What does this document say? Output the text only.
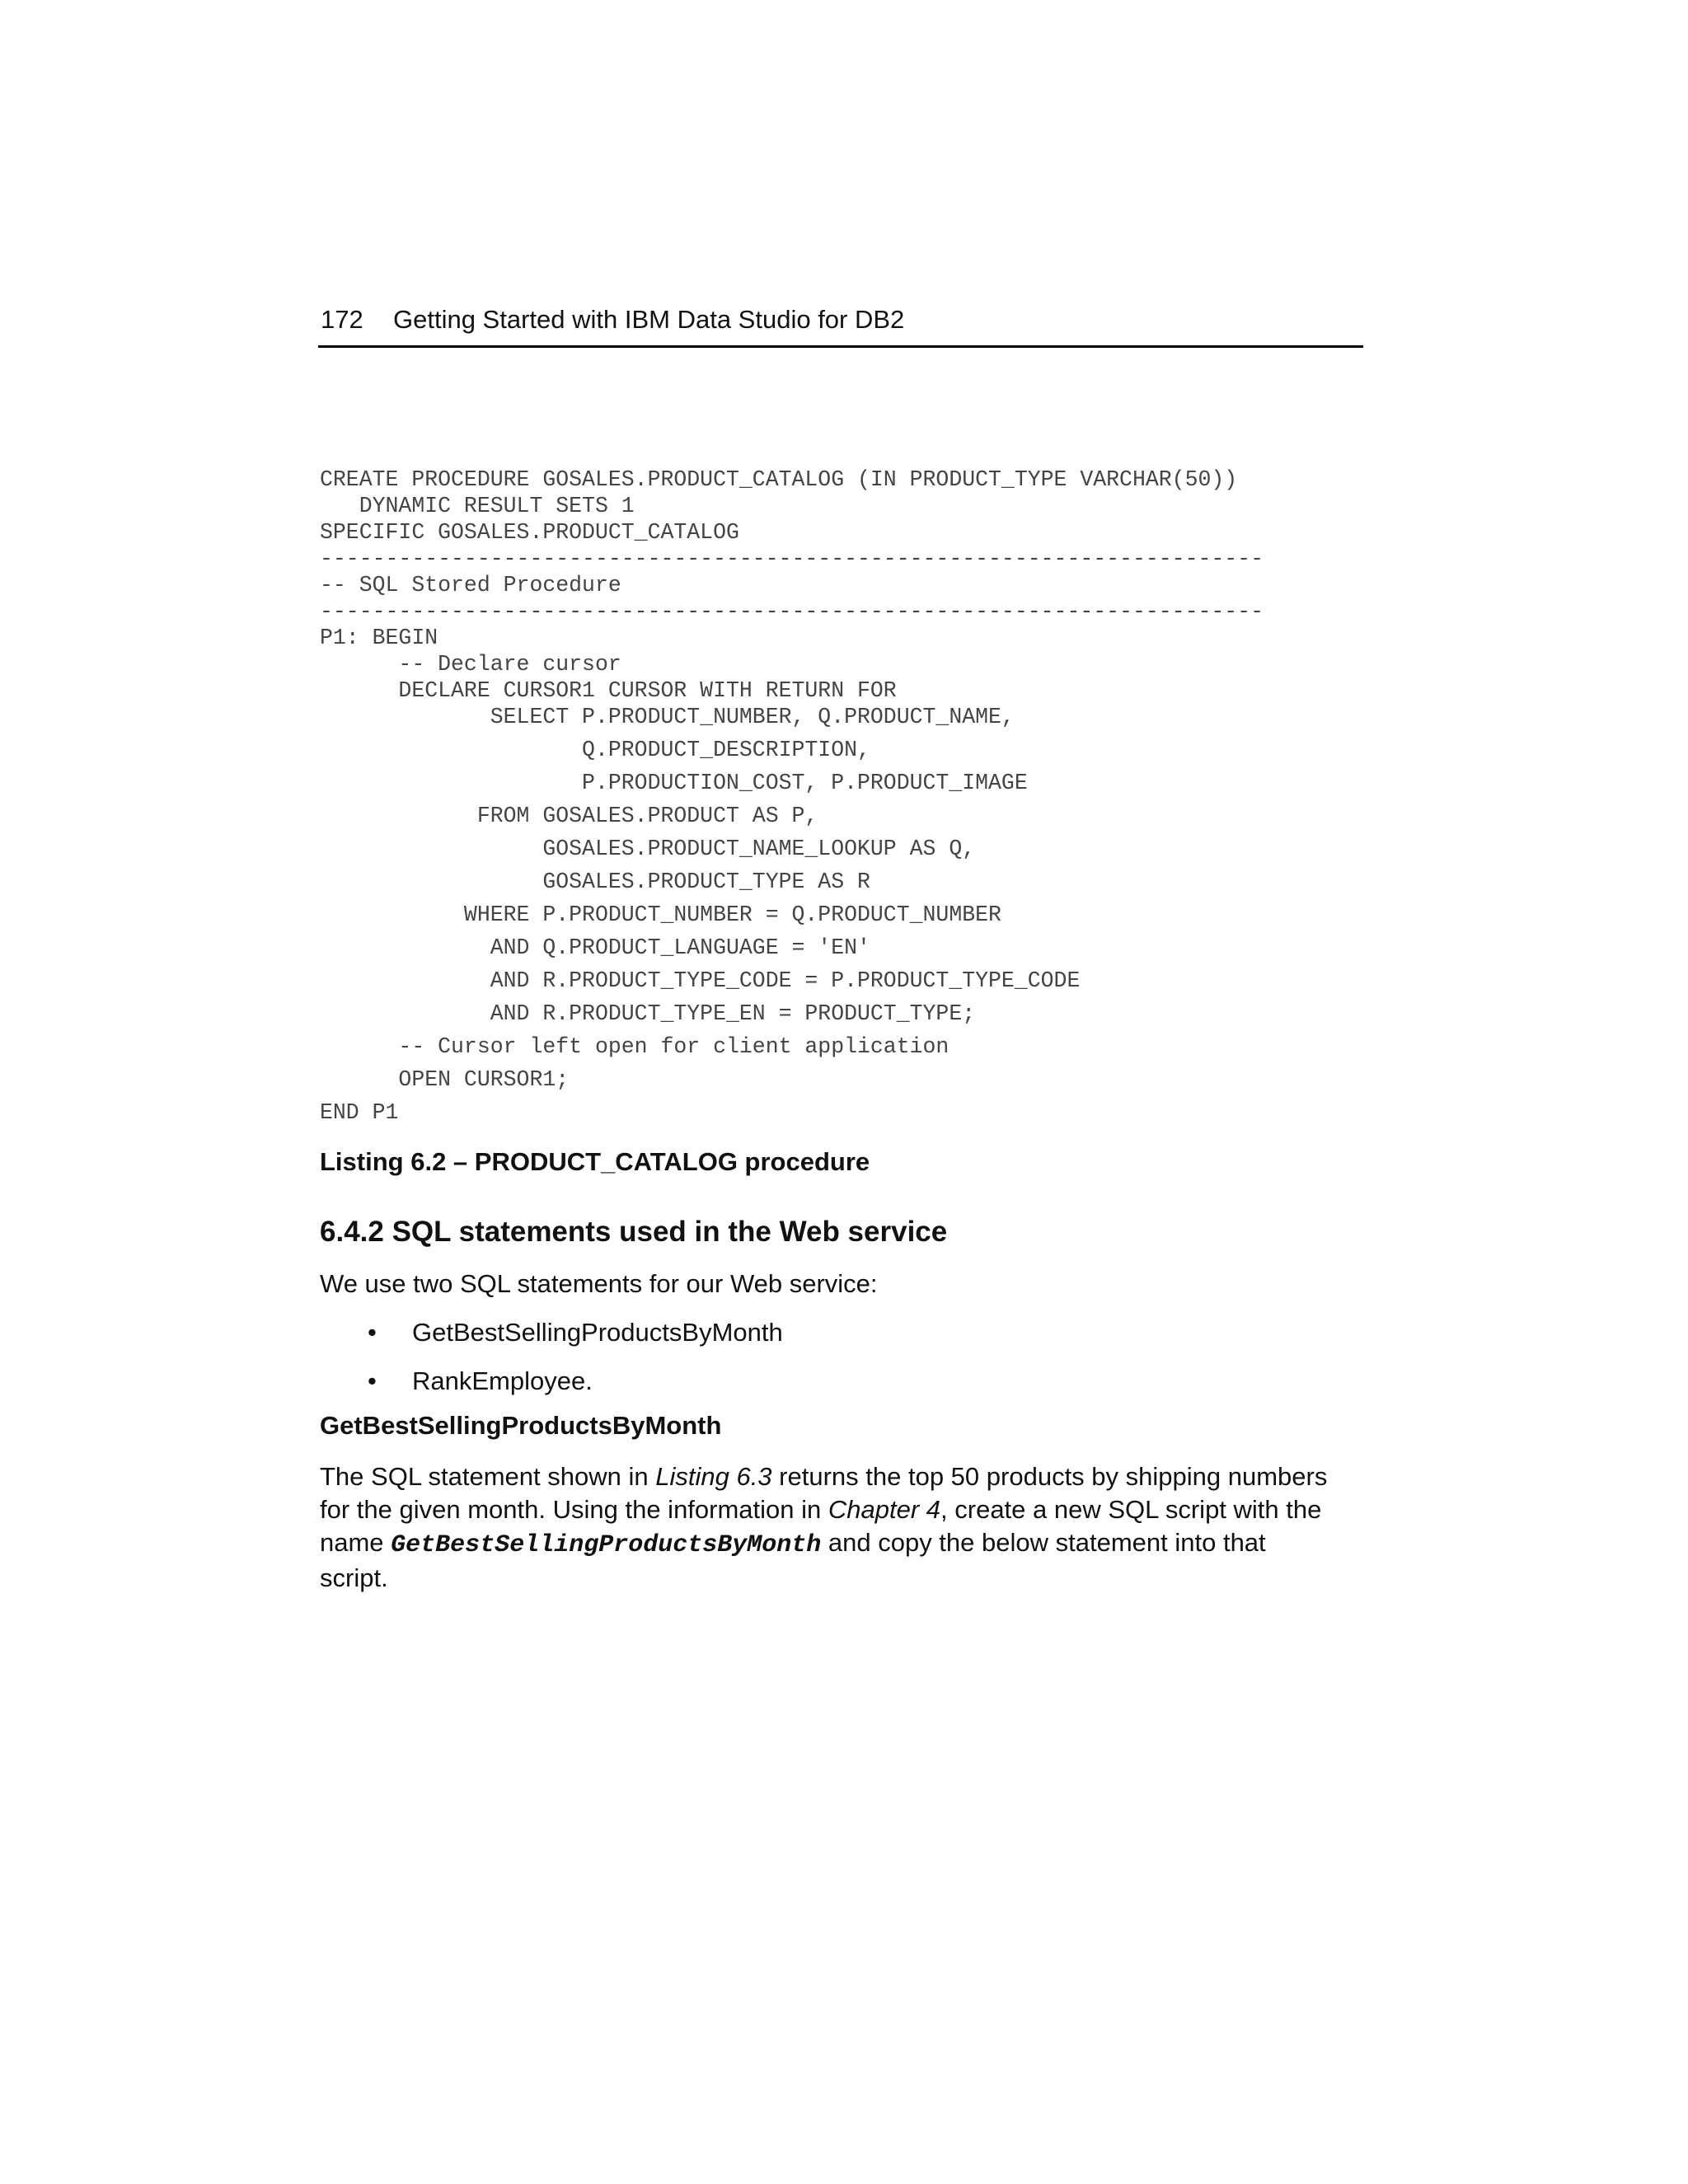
172 Getting Started with IBM Data Studio for DB2

CREATE PROCEDURE GOSALES.PRODUCT_CATALOG (IN PRODUCT_TYPE VARCHAR(50))

DYNAMIC RESULT SETS 1

SPECIFIC GOSALES.PRODUCT_CATALOG

------------------------------------------------------------------------

-- SQL Stored Procedure

------------------------------------------------------------------------

P1: BEGIN

-- Declare cursor

DECLARE CURSOR1 CURSOR WITH RETURN FOR

SELECT P.PRODUCT_NUMBER, Q.PRODUCT_NAME,

Q.PRODUCT_DESCRIPTION,

P.PRODUCTION_COST, P.PRODUCT_IMAGE

FROM GOSALES.PRODUCT AS P,

GOSALES.PRODUCT_NAME_LOOKUP AS Q,

GOSALES.PRODUCT_TYPE AS R

WHERE P.PRODUCT_NUMBER = Q.PRODUCT_NUMBER

AND Q.PRODUCT_LANGUAGE = 'EN'

AND R.PRODUCT_TYPE_CODE = P.PRODUCT_TYPE_CODE

AND R.PRODUCT_TYPE_EN = PRODUCT_TYPE;

-- Cursor left open for client application

OPEN CURSOR1;

END P1

Listing 6.2 – PRODUCT_CATALOG procedure
6.4.2 SQL statements used in the Web service
We use two SQL statements for our Web service:
• GetBestSellingProductsByMonth
• RankEmployee.
GetBestSellingProductsByMonth
The SQL statement shown in Listing 6.3 returns the top 50 products by shipping numbers
for the given month. Using the information in Chapter 4, create a new SQL script with the
name GetBestSellingProductsByMonth and copy the below statement into that
script.
